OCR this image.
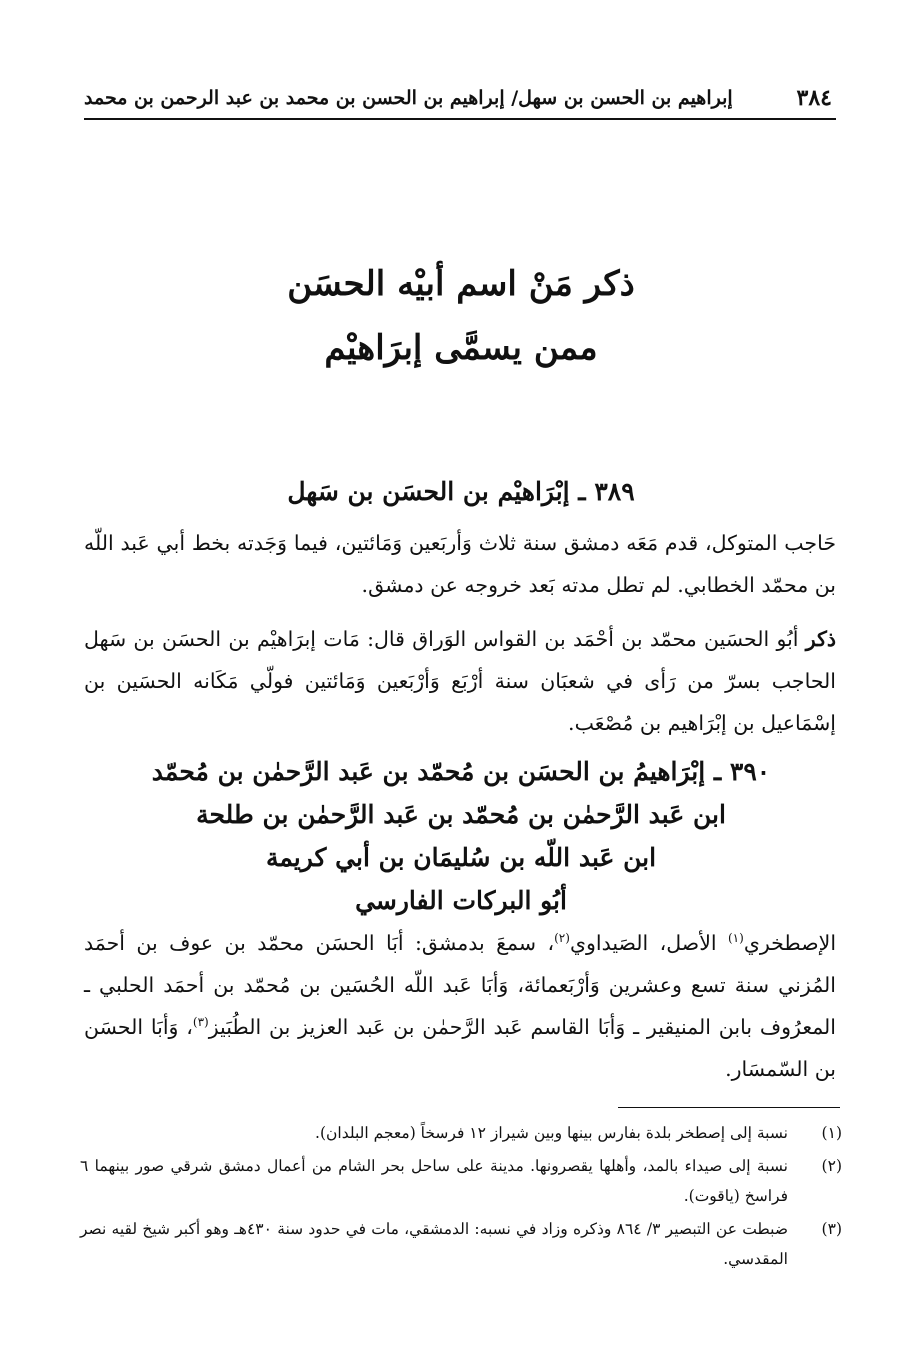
٣٨٤
إبراهيم بن الحسن بن سهل/ إبراهيم بن الحسن بن محمد بن عبد الرحمن بن محمد
ذكر مَنْ اسم أبيْه الحسَن
ممن يسمَّى إبرَاهيْم
٣٨٩ ـ إبْرَاهيْم بن الحسَن بن سَهل
حَاجب المتوكل، قدم مَعَه دمشق سنة ثلاث وَأربَعين وَمَائتين، فيما وَجَدته بخط أبي عَبد اللّه بن محمّد الخطابي. لم تطل مدته بَعد خروجه عن دمشق.
ذكر أبُو الحسَين محمّد بن أحْمَد بن القواس الوَراق قال: مَات إبرَاهيْم بن الحسَن بن سَهل الحاجب بسرّ من رَأى في شعبَان سنة أرْبَع وَأرْبَعين وَمَائتين فولّي مَكَانه الحسَين بن إسْمَاعيل بن إبْرَاهيم بن مُصْعَب.
٣٩٠ ـ إبْرَاهيمُ بن الحسَن بن مُحمّد بن عَبد الرَّحمٰن بن مُحمّد
ابن عَبد الرَّحمٰن بن مُحمّد بن عَبد الرَّحمٰن بن طلحة
ابن عَبد اللّه بن سُليمَان بن أبي كريمة
أبُو البركات الفارسي
الإصطخري$^{(١)}$ الأصل، الصَيداوي$^{(٢)}$، سمعَ بدمشق: أبَا الحسَن محمّد بن عوف بن أحمَد المُزني سنة تسع وعشرين وَأرْبَعمائة، وَأبَا عَبد اللّه الحُسَين بن مُحمّد بن أحمَد الحلبي ـ المعرُوف بابن المنيقير ـ وَأبَا القاسم عَبد الرَّحمٰن بن عَبد العزيز بن الطُبَيز$^{(٣)}$، وَأبَا الحسَن بن السّمسَار.
(١)
نسبة إلى إصطخر بلدة بفارس بينها وبين شيراز ١٢ فرسخاً (معجم البلدان).
(٢)
نسبة إلى صيداء بالمد، وأهلها يقصرونها. مدينة على ساحل بحر الشام من أعمال دمشق شرقي صور بينهما ٦ فراسخ (ياقوت).
(٣)
ضبطت عن التبصير ٣/ ٨٦٤ وذكره وزاد في نسبه: الدمشقي، مات في حدود سنة ٤٣٠هـ وهو أكبر شيخ لقيه نصر المقدسي.
